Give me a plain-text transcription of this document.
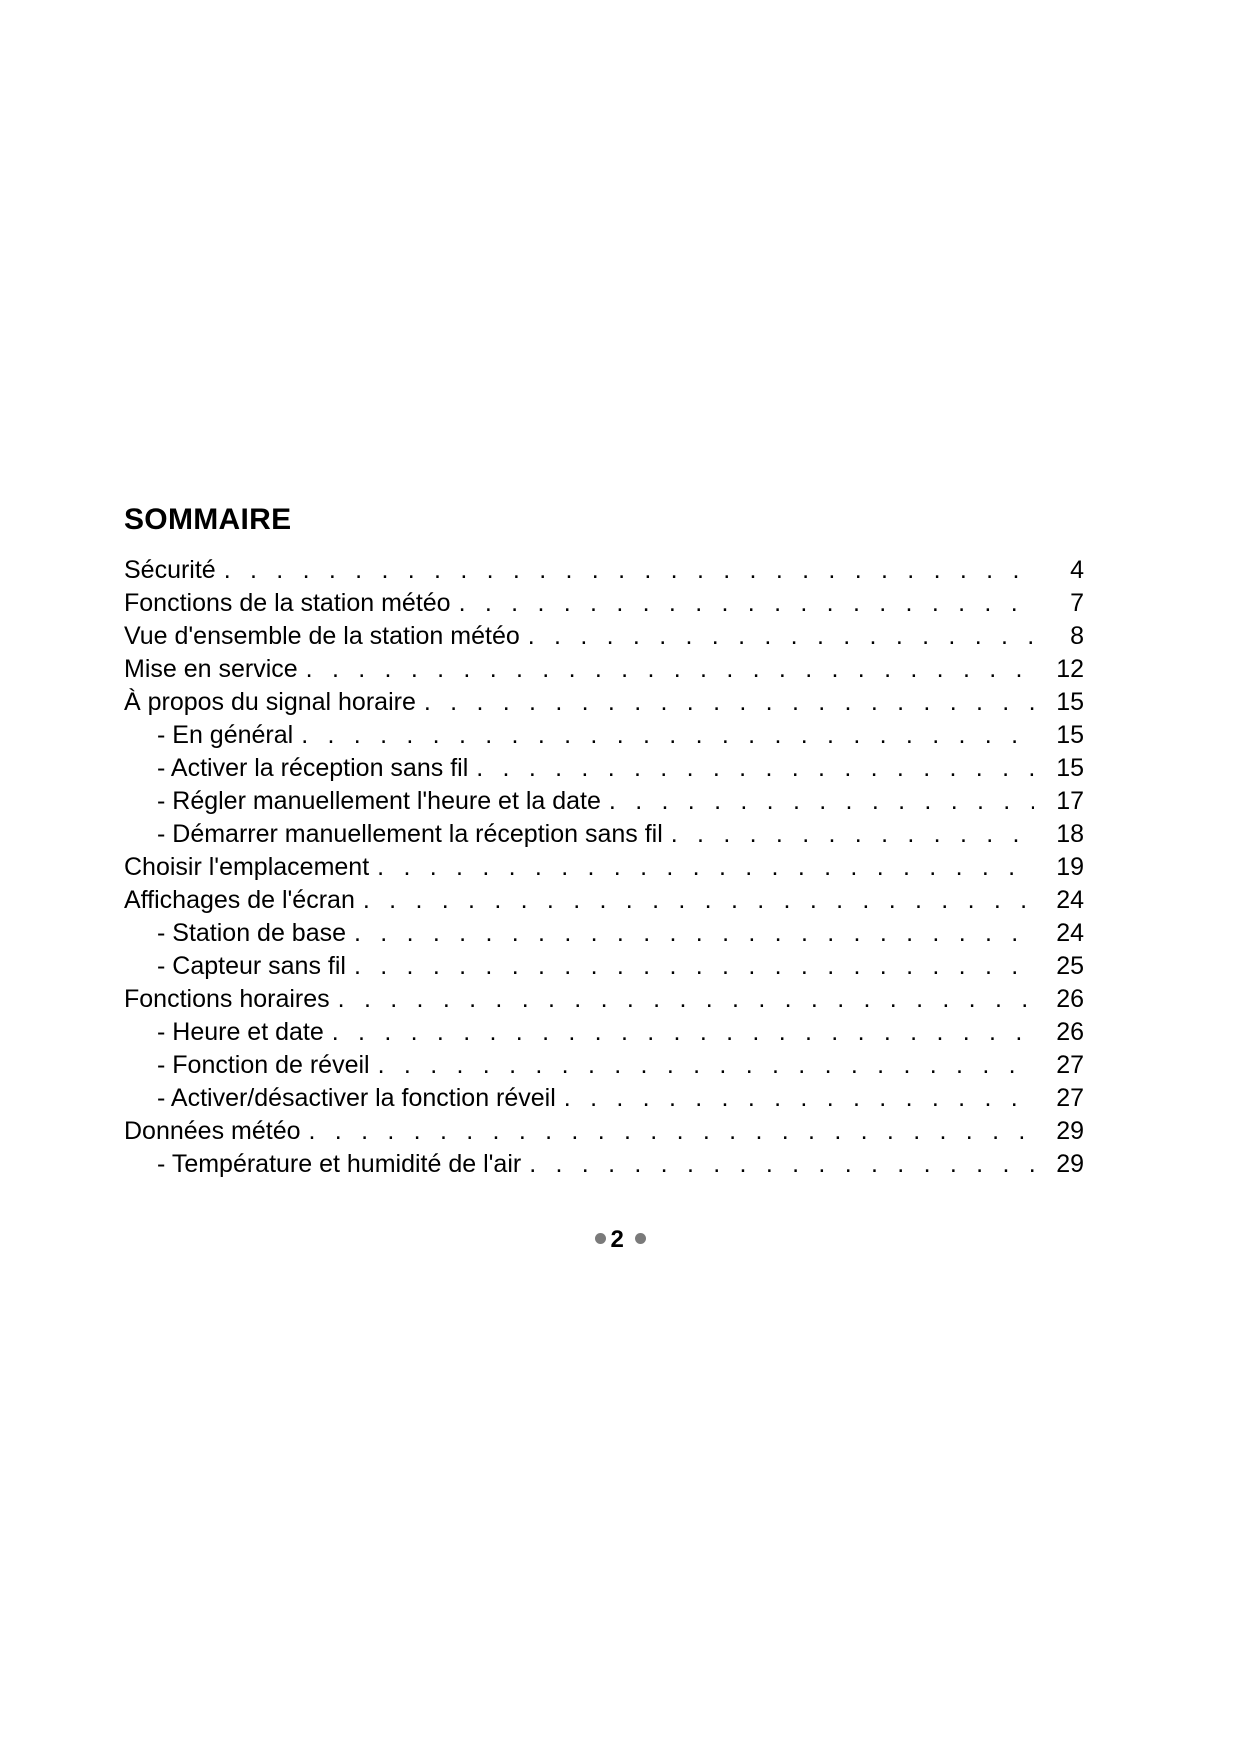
SOMMAIRE
Sécurité . . .	4
Fonctions de la station météo . . .	7
Vue d'ensemble de la station météo . . .	8
Mise en service . . .	12
À propos du signal horaire . . .	15
- En général . . .	15
- Activer la réception sans fil . . .	15
- Régler manuellement l'heure et la date . . .	17
- Démarrer manuellement la réception sans fil . . .	18
Choisir l'emplacement . . .	19
Affichages de l'écran . . .	24
- Station de base . . .	24
- Capteur sans fil . . .	25
Fonctions horaires . . .	26
- Heure et date . . .	26
- Fonction de réveil . . .	27
- Activer/désactiver la fonction réveil . . .	27
Données météo . . .	29
- Température et humidité de l'air . . .	29
2
